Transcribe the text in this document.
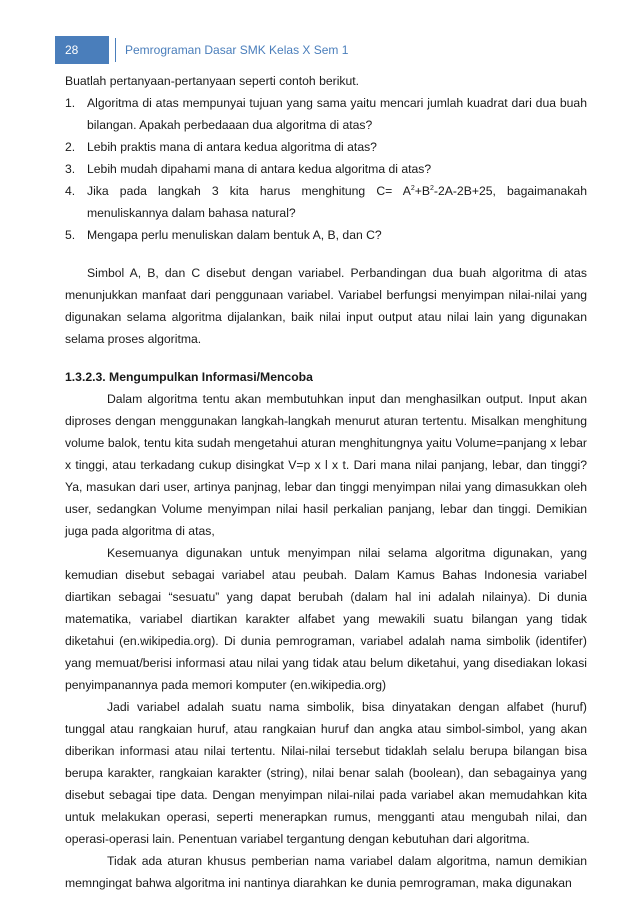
28	Pemrograman Dasar SMK Kelas X Sem 1

Buatlah pertanyaan-pertanyaan seperti contoh berikut.

1. Algoritma di atas mempunyai tujuan yang sama yaitu mencari jumlah kuadrat dari dua buah bilangan. Apakah perbedaaan dua algoritma di atas?
2. Lebih praktis mana di antara kedua algoritma di atas?
3. Lebih mudah dipahami mana di antara kedua algoritma di atas?
4. Jika pada langkah 3 kita harus menghitung $C= A^2+B^2-2A-2B+25$, bagaimanakah menuliskannya dalam bahasa natural?
5. Mengapa perlu menuliskan dalam bentuk A, B, dan C?

Simbol A, B, dan C disebut dengan variabel. Perbandingan dua buah algoritma di atas menunjukkan manfaat dari penggunaan variabel. Variabel berfungsi menyimpan nilai-nilai yang digunakan selama algoritma dijalankan, baik nilai input output atau nilai lain yang digunakan selama proses algoritma.

1.3.2.3. Mengumpulkan Informasi/Mencoba

Dalam algoritma tentu akan membutuhkan input dan menghasilkan output. Input akan diproses dengan menggunakan langkah-langkah menurut aturan tertentu. Misalkan menghitung volume balok, tentu kita sudah mengetahui aturan menghitungnya yaitu Volume=panjang x lebar x tinggi, atau terkadang cukup disingkat V=p x l x t. Dari mana nilai panjang, lebar, dan tinggi? Ya, masukan dari user, artinya panjnag, lebar dan tinggi menyimpan nilai yang dimasukkan oleh user, sedangkan Volume menyimpan nilai hasil perkalian panjang, lebar dan tinggi. Demikian juga pada algoritma di atas,

Kesemuanya digunakan untuk menyimpan nilai selama algoritma digunakan, yang kemudian disebut sebagai variabel atau peubah. Dalam Kamus Bahas Indonesia variabel diartikan sebagai “sesuatu” yang dapat berubah (dalam hal ini adalah nilainya). Di dunia matematika, variabel diartikan karakter alfabet yang mewakili suatu bilangan yang tidak diketahui (en.wikipedia.org). Di dunia pemrograman, variabel adalah nama simbolik (identifer) yang memuat/berisi informasi atau nilai yang tidak atau belum diketahui, yang disediakan lokasi penyimpanannya pada memori komputer (en.wikipedia.org)

Jadi variabel adalah suatu nama simbolik, bisa dinyatakan dengan alfabet (huruf) tunggal atau rangkaian huruf, atau rangkaian huruf dan angka atau simbol-simbol, yang akan diberikan informasi atau nilai tertentu. Nilai-nilai tersebut tidaklah selalu berupa bilangan bisa berupa karakter, rangkaian karakter (string), nilai benar salah (boolean), dan sebagainya yang disebut sebagai tipe data. Dengan menyimpan nilai-nilai pada variabel akan memudahkan kita untuk melakukan operasi, seperti menerapkan rumus, mengganti atau mengubah nilai, dan operasi-operasi lain. Penentuan variabel tergantung dengan kebutuhan dari algoritma.

Tidak ada aturan khusus pemberian nama variabel dalam algoritma, namun demikian memngingat bahwa algoritma ini nantinya diarahkan ke dunia pemrograman, maka digunakan
